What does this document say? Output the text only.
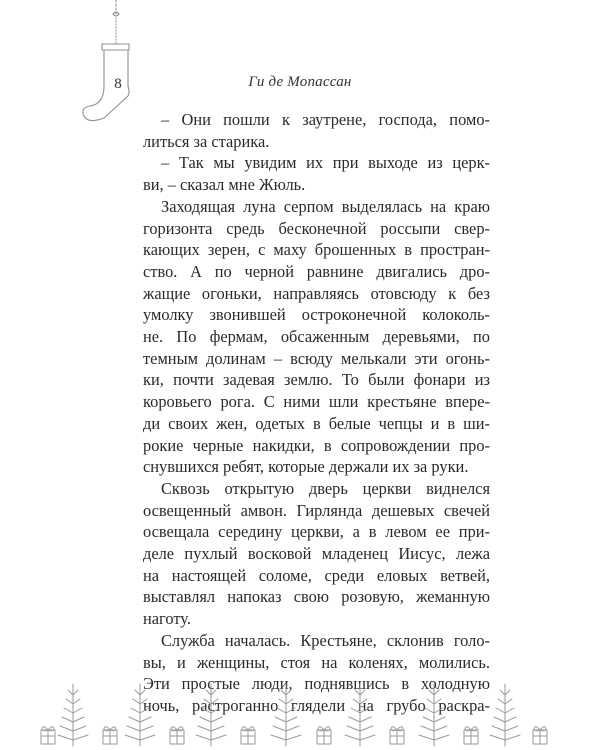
8	Ги де Мопассан
– Они пошли к заутрене, господа, помо-
литься за старика.
– Так мы увидим их при выходе из церк-
ви, – сказал мне Жюль.
Заходящая луна серпом выделялась на краю
горизонта средь бесконечной россыпи свер-
кающих зерен, с маху брошенных в простран-
ство. А по черной равнине двигались дро-
жащие огоньки, направляясь отовсюду к без
умолку звонившей остроконечной колоколь-
не. По фермам, обсаженным деревьями, по
темным долинам – всюду мелькали эти огонь-
ки, почти задевая землю. То были фонари из
коровьего рога. С ними шли крестьяне впере-
ди своих жен, одетых в белые чепцы и в ши-
рокие черные накидки, в сопровождении про-
снувшихся ребят, которые держали их за руки.
Сквозь открытую дверь церкви виднелся
освещенный амвон. Гирлянда дешевых свечей
освещала середину церкви, а в левом ее при-
деле пухлый восковой младенец Иисус, лежа
на настоящей соломе, среди еловых ветвей,
выставлял напоказ свою розовую, жеманную
наготу.
Служба началась. Крестьяне, склонив голо-
вы, и женщины, стоя на коленях, молились.
Эти простые люди, поднявшись в холодную
ночь, растроганно глядели на грубо раскра-
